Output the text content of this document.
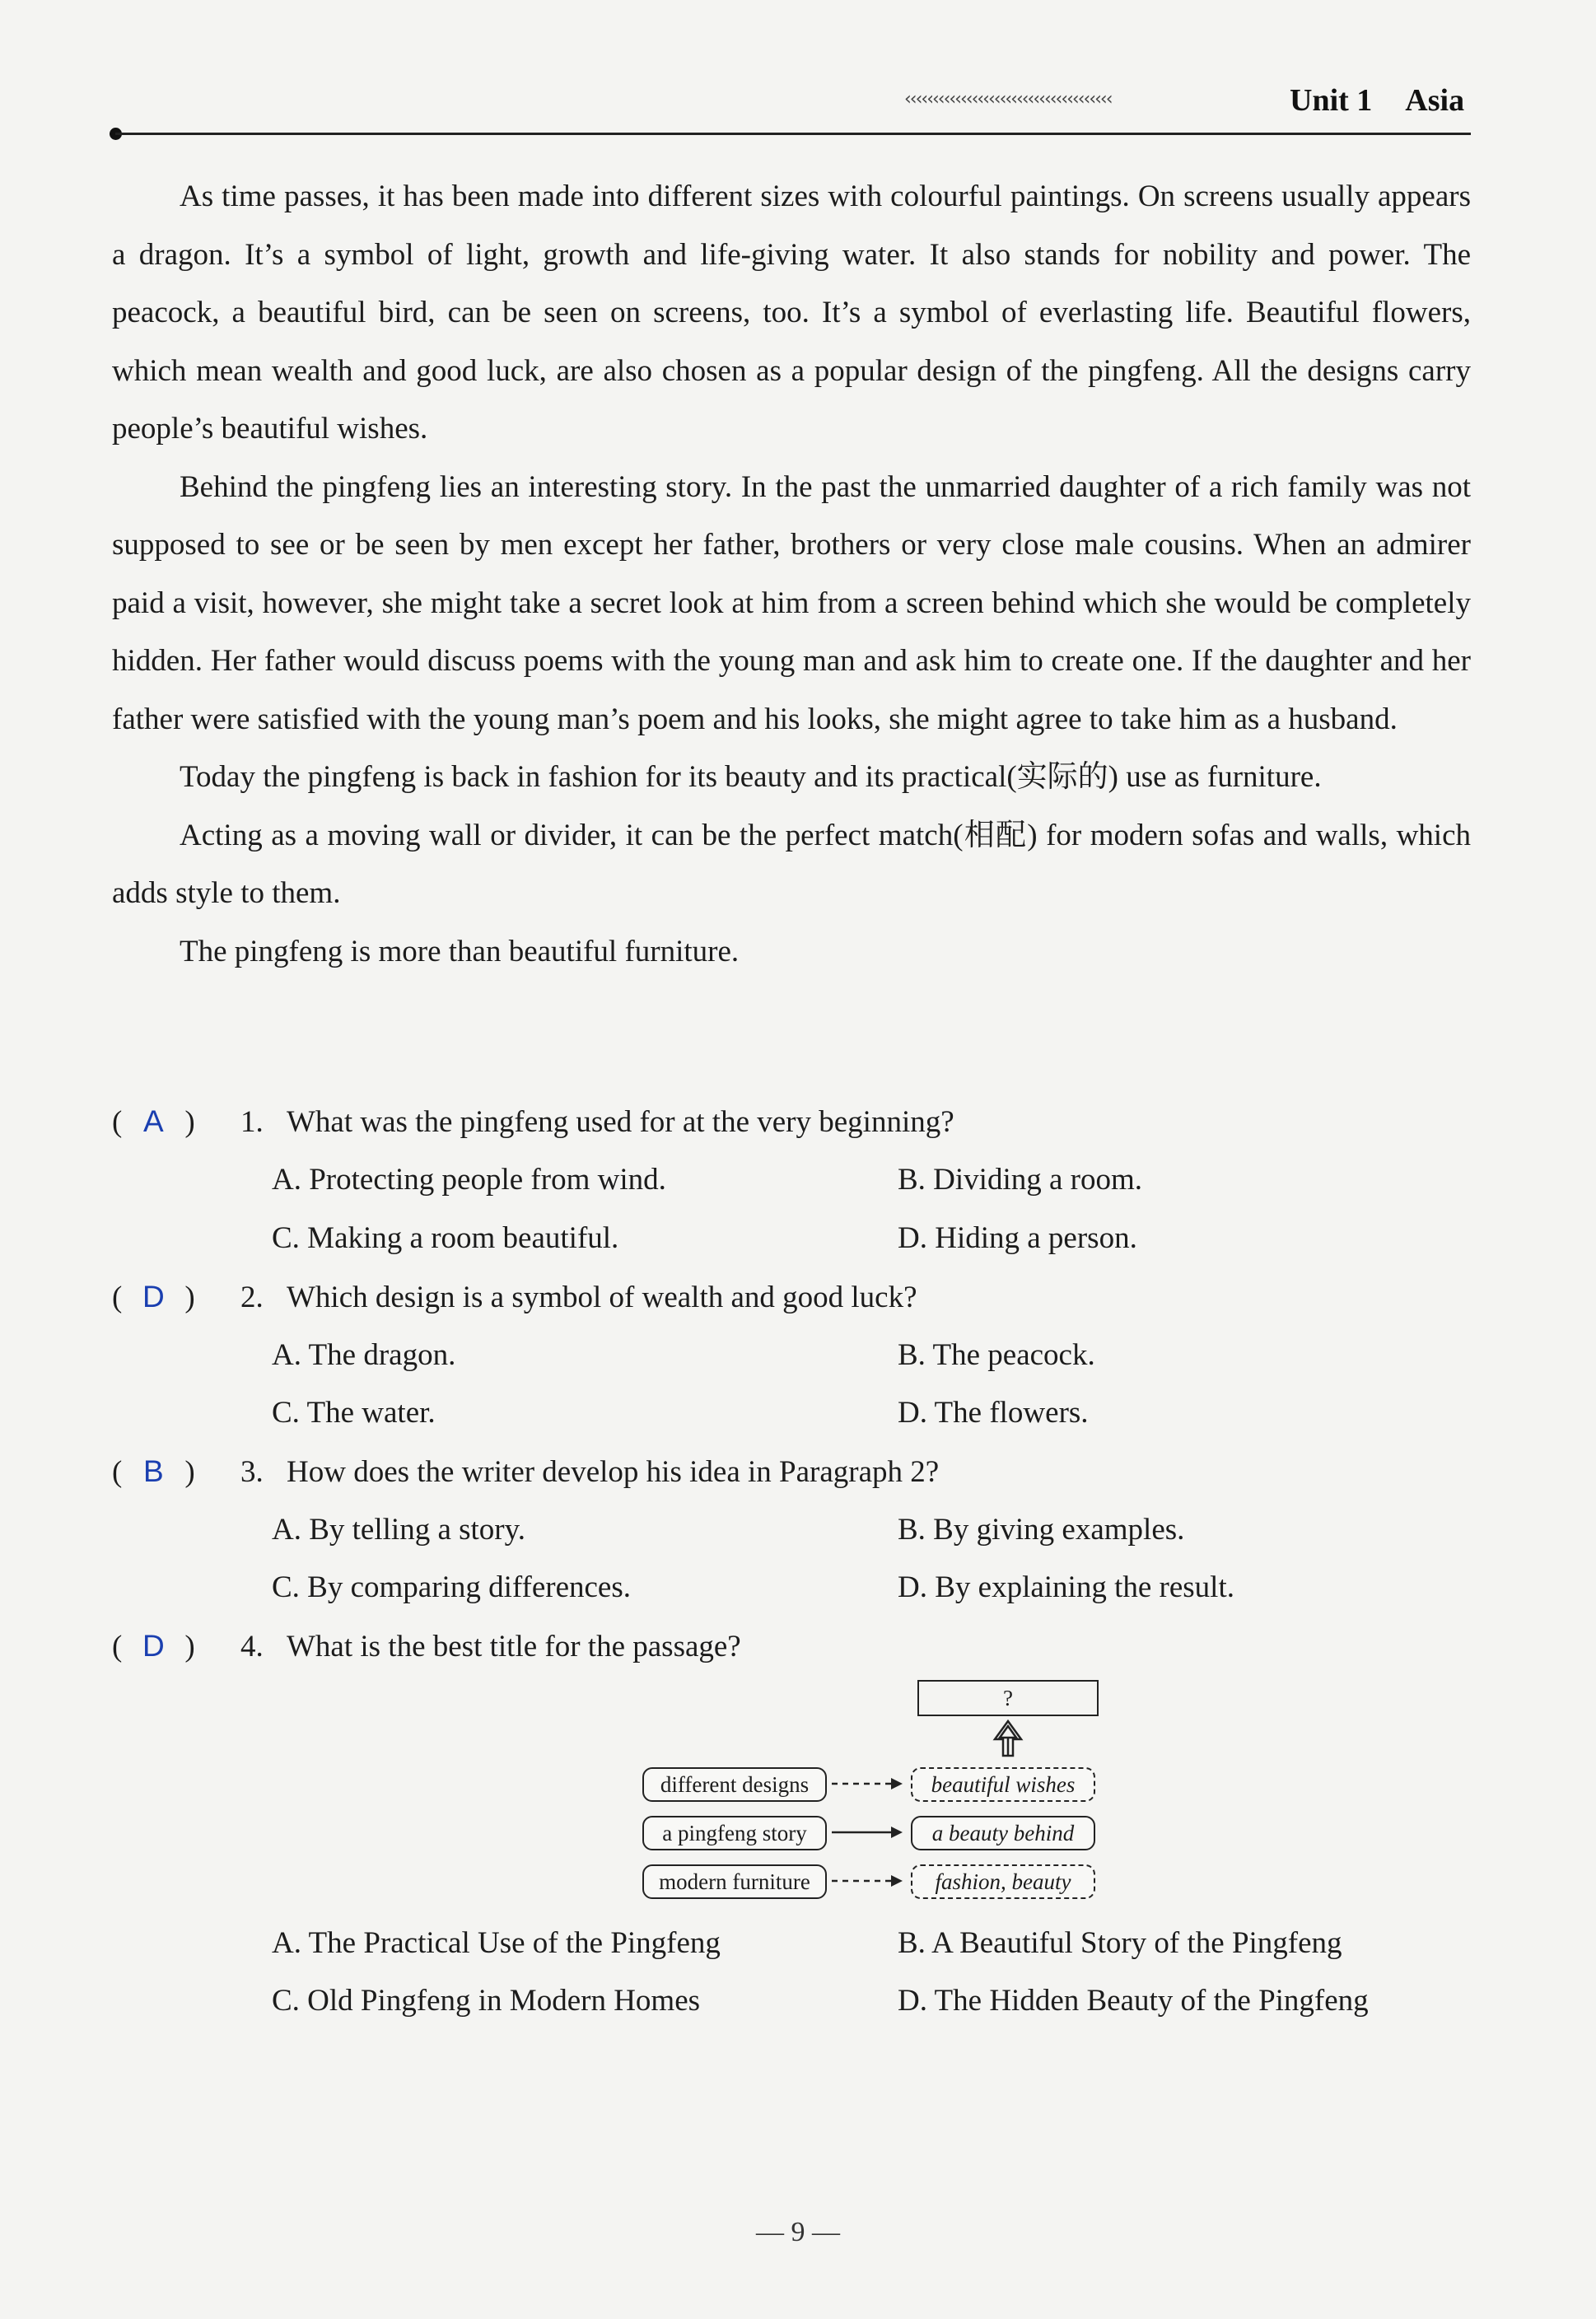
‹‹‹‹‹‹‹‹‹‹‹‹‹‹‹‹‹‹‹‹‹‹‹‹‹‹‹‹‹‹‹‹‹‹‹‹‹	Unit 1 Asia

As time passes, it has been made into different sizes with colourful paintings. On screens usually appears a dragon. It’s a symbol of light, growth and life-giving water. It also stands for nobility and power. The peacock, a beautiful bird, can be seen on screens, too. It’s a symbol of everlasting life. Beautiful flowers, which mean wealth and good luck, are also chosen as a popular design of the pingfeng. All the designs carry people’s beautiful wishes.

Behind the pingfeng lies an interesting story. In the past the unmarried daughter of a rich family was not supposed to see or be seen by men except her father, brothers or very close male cousins. When an admirer paid a visit, however, she might take a secret look at him from a screen behind which she would be completely hidden. Her father would discuss poems with the young man and ask him to create one. If the daughter and her father were satisfied with the young man’s poem and his looks, she might agree to take him as a husband.

Today the pingfeng is back in fashion for its beauty and its practical(实际的) use as furniture.

Acting as a moving wall or divider, it can be the perfect match(相配) for modern sofas and walls, which adds style to them.

The pingfeng is more than beautiful furniture.

( A ) 1. What was the pingfeng used for at the very beginning?
A. Protecting people from wind.	B. Dividing a room.
C. Making a room beautiful.	D. Hiding a person.
( D ) 2. Which design is a symbol of wealth and good luck?
A. The dragon.	B. The peacock.
C. The water.	D. The flowers.
( B ) 3. How does the writer develop his idea in Paragraph 2?
A. By telling a story.	B. By giving examples.
C. By comparing differences.	D. By explaining the result.
( D ) 4. What is the best title for the passage?
?
different designs
a pingfeng story
modern furniture
beautiful wishes
a beauty behind
fashion, beauty
A. The Practical Use of the Pingfeng	B. A Beautiful Story of the Pingfeng
C. Old Pingfeng in Modern Homes	D. The Hidden Beauty of the Pingfeng
— 9 —
